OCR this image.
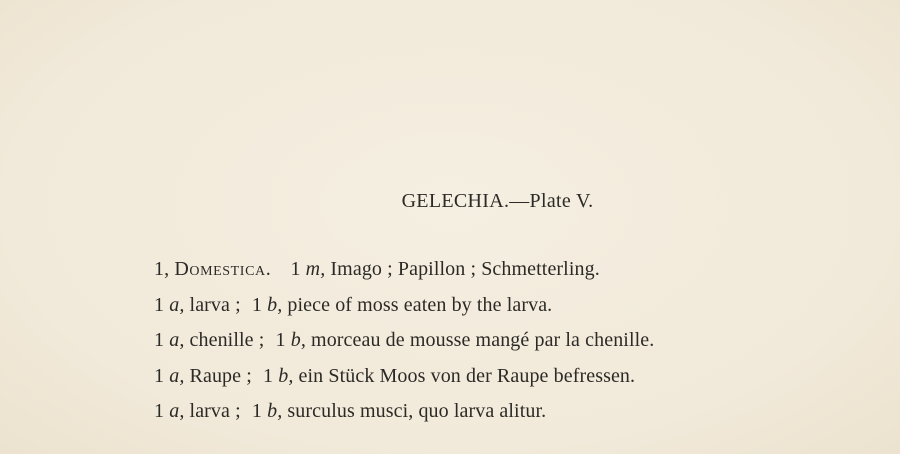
GELECHIA.—Plate V.
1, Domestica. 1 m, Imago ; Papillon ; Schmetterling.
1 a, larva ; 1 b, piece of moss eaten by the larva.
1 a, chenille ; 1 b, morceau de mousse mangé par la chenille.
1 a, Raupe ; 1 b, ein Stück Moos von der Raupe befressen.
1 a, larva ; 1 b, surculus musci, quo larva alitur.
